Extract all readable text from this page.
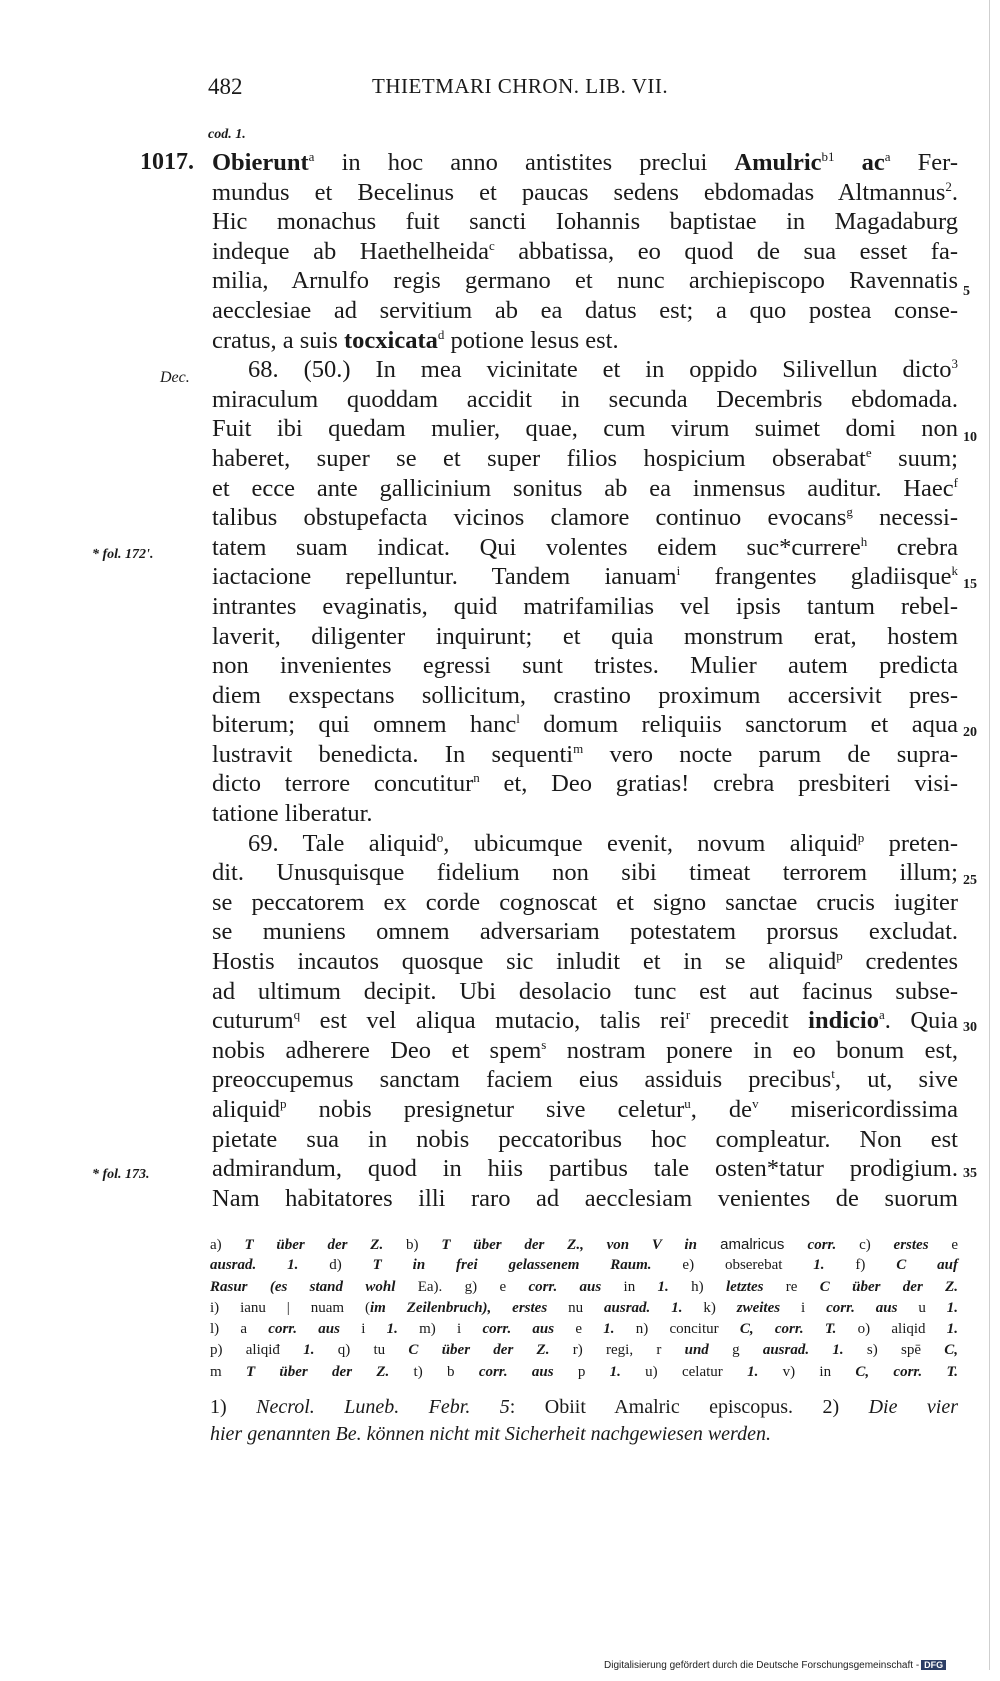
482	THIETMARI CHRON. LIB. VII.
cod. 1.
1017.
Dec.
* fol. 172'.
* fol. 173.
5
10
15
20
25
30
35
Obierunt$^a$ in hoc anno antistites preclui Amulric$^{b1}$ $ac^a$ Fer-
mundus et Becelinus et paucas sedens ebdomadas Altmannus$^2$.
Hic monachus fuit sancti Iohannis baptistae in Magadaburg
indeque ab Haethelheida$^c$ abbatissa, eo quod de sua esset fa-
milia, Arnulfo regis germano et nunc archiepiscopo Ravennatis
aecclesiae ad servitium ab ea datus est; a quo postea conse-
cratus, a suis tocxicata$^d$ potione lesus est.
68. (50.) In mea vicinitate et in oppido Silivellun dicto$^3$
miraculum quoddam accidit in secunda Decembris ebdomada.
Fuit ibi quedam mulier, quae, cum virum suimet domi non
haberet, super se et super filios hospicium obserabat$^e$ suum;
et ecce ante gallicinium sonitus ab ea inmensus auditur. Haec$^f$
talibus obstupefacta vicinos clamore continuo evocans$^g$ necessi-
tatem suam indicat. Qui volentes eidem suc*currere$^h$ crebra
iactacione repelluntur. Tandem ianuam$^i$ frangentes gladiisque$^k$
intrantes evaginatis, quid matrifamilias vel ipsis tantum rebel-
laverit, diligenter inquirunt; et quia monstrum erat, hostem
non invenientes egressi sunt tristes. Mulier autem predicta
diem exspectans sollicitum, crastino proximum accersivit pres-
biterum; qui omnem hanc$^l$ domum reliquiis sanctorum et aqua
lustravit benedicta. In sequenti$^m$ vero nocte parum de supra-
dicto terrore concutitur$^n$ et, Deo gratias! crebra presbiteri visi-
tatione liberatur.
69. Tale aliquid$^o$, ubicumque evenit, novum aliquid$^p$ preten-
dit. Unusquisque fidelium non sibi timeat terrorem illum;
se peccatorem ex corde cognoscat et signo sanctae crucis iugiter
se muniens omnem adversariam potestatem prorsus excludat.
Hostis incautos quosque sic inludit et in se aliquid$^p$ credentes
ad ultimum decipit. Ubi desolacio tunc est aut facinus subse-
cuturum$^q$ est vel aliqua mutacio, talis rei$^r$ precedit indicio$^a$. Quia
nobis adherere Deo et spem$^s$ nostram ponere in eo bonum est,
preoccupemus sanctam faciem eius assiduis precibus$^t$, ut, sive
aliquid$^p$ nobis presignetur sive celetur$^u$, $de^v$ misericordissima
pietate sua in nobis peccatoribus hoc compleatur. Non est
admirandum, quod in hiis partibus tale osten*tatur prodigium.
Nam habitatores illi raro ad aecclesiam venientes de suorum
a) T über der Z. b) T über der Z., von V in amalricus corr. c) erstes e
ausrad. 1. d) T in frei gelassenem Raum. e) obserebat 1. f) C auf
Rasur (es stand wohl Ea). g) e corr. aus in 1. h) letztes re C über der Z.
i) ianu | nuam (im Zeilenbruch), erstes nu ausrad. 1. k) zweites i corr. aus u 1.
l) a corr. aus i 1. m) i corr. aus e 1. n) concitur C, corr. T. o) aliqid 1.
p) aliqiđ 1. q) tu C über der Z. r) regi, r und g ausrad. 1. s) spē C,
m T über der Z. t) b corr. aus p 1. u) celatur 1. v) in C, corr. T.
1) Necrol. Luneb. Febr. 5: Obiit Amalric episcopus. 2) Die vier
hier genannten Be. können nicht mit Sicherheit nachgewiesen werden.
Digitalisierung gefördert durch die Deutsche Forschungsgemeinschaft - DFG
